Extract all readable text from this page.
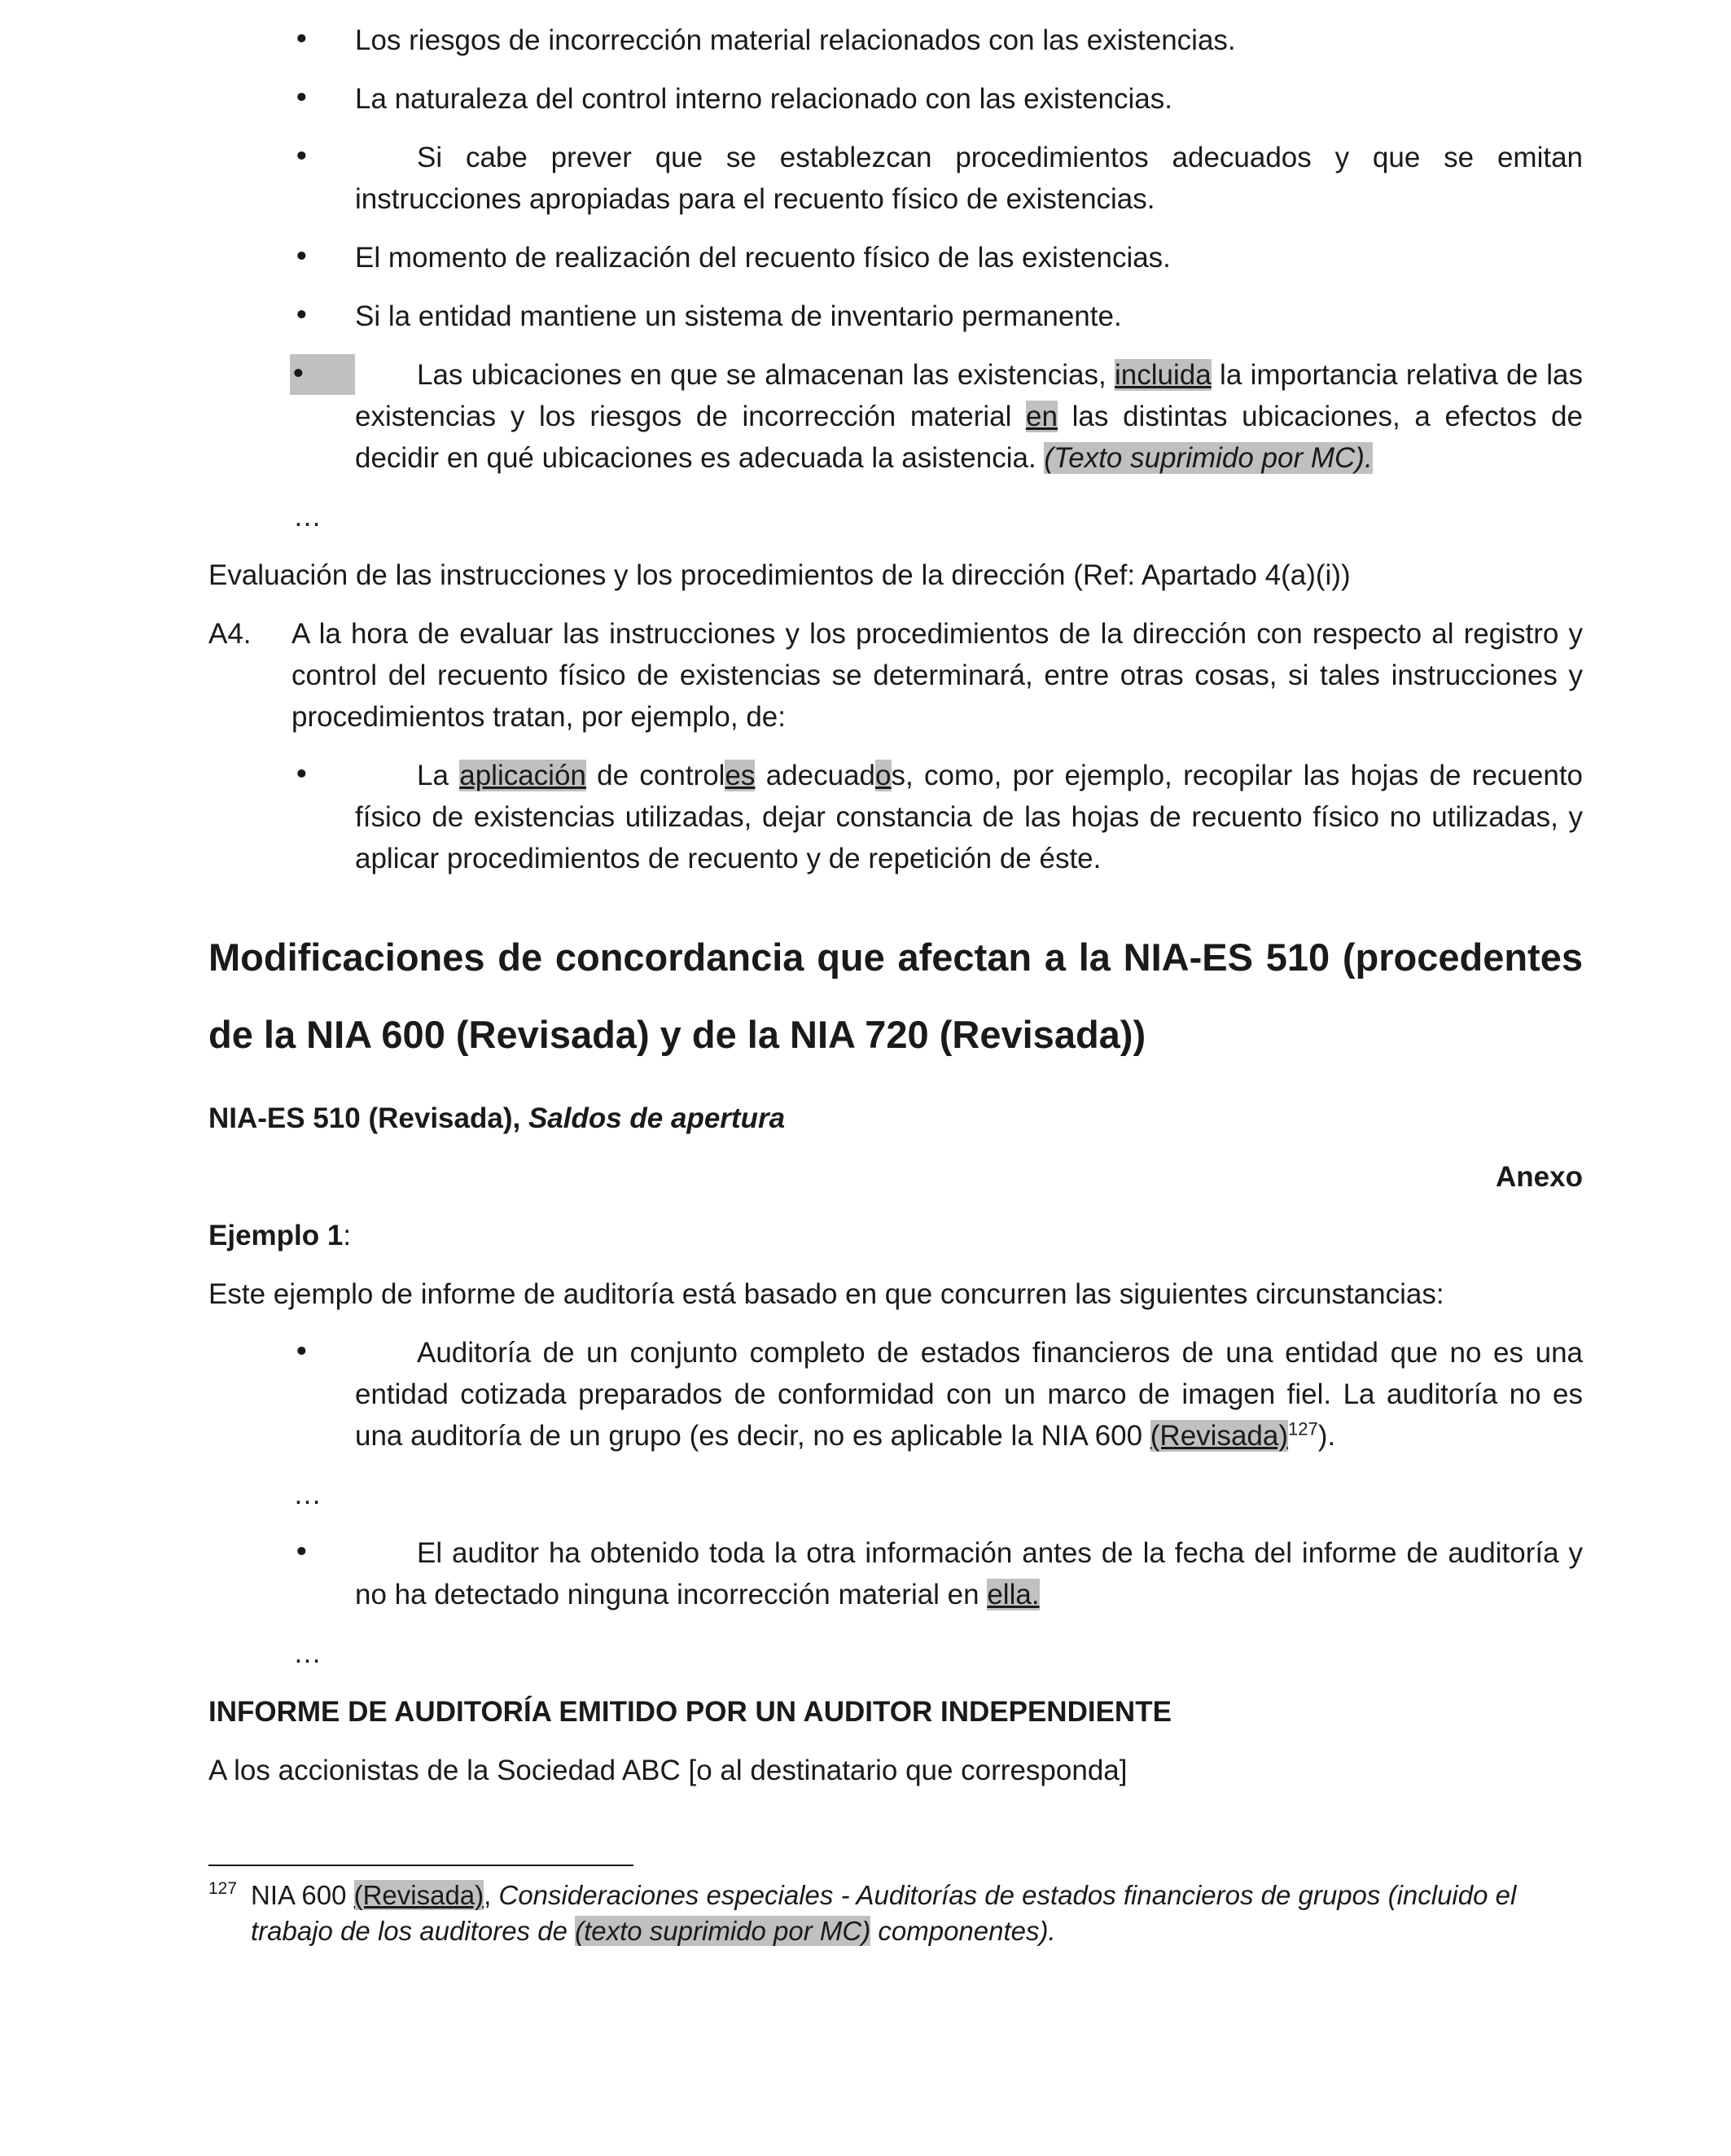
•	Los riesgos de incorrección material relacionados con las existencias.
•	La naturaleza del control interno relacionado con las existencias.
•	Si cabe prever que se establezcan procedimientos adecuados y que se emitan instrucciones apropiadas para el recuento físico de existencias.
•	El momento de realización del recuento físico de las existencias.
•	Si la entidad mantiene un sistema de inventario permanente.
•	Las ubicaciones en que se almacenan las existencias, incluida la importancia relativa de las existencias y los riesgos de incorrección material en las distintas ubicaciones, a efectos de decidir en qué ubicaciones es adecuada la asistencia. (Texto suprimido por MC).
…
Evaluación de las instrucciones y los procedimientos de la dirección (Ref: Apartado 4(a)(i))
A4. A la hora de evaluar las instrucciones y los procedimientos de la dirección con respecto al registro y control del recuento físico de existencias se determinará, entre otras cosas, si tales instrucciones y procedimientos tratan, por ejemplo, de:
•	La aplicación de controles adecuados, como, por ejemplo, recopilar las hojas de recuento físico de existencias utilizadas, dejar constancia de las hojas de recuento físico no utilizadas, y aplicar procedimientos de recuento y de repetición de éste.
Modificaciones de concordancia que afectan a la NIA-ES 510 (procedentes de la NIA 600 (Revisada) y de la NIA 720 (Revisada))
NIA-ES 510 (Revisada), Saldos de apertura
Anexo
Ejemplo 1:
Este ejemplo de informe de auditoría está basado en que concurren las siguientes circunstancias:
•	Auditoría de un conjunto completo de estados financieros de una entidad que no es una entidad cotizada preparados de conformidad con un marco de imagen fiel. La auditoría no es una auditoría de un grupo (es decir, no es aplicable la NIA 600 (Revisada)$^{127}$).
…
•	El auditor ha obtenido toda la otra información antes de la fecha del informe de auditoría y no ha detectado ninguna incorrección material en ella.
…
INFORME DE AUDITORÍA EMITIDO POR UN AUDITOR INDEPENDIENTE
A los accionistas de la Sociedad ABC [o al destinatario que corresponda]
127 NIA 600 (Revisada), Consideraciones especiales - Auditorías de estados financieros de grupos (incluido el trabajo de los auditores de (texto suprimido por MC) componentes).
